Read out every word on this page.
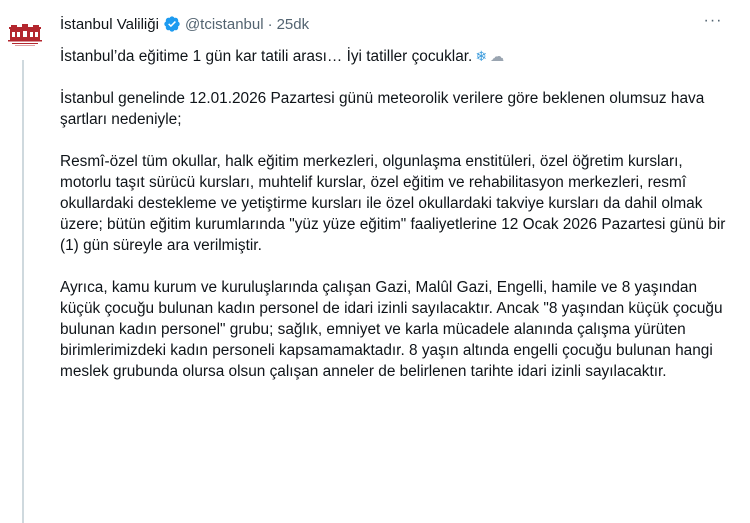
İstanbul Valiliği @tcistanbul · 25dk	···

İstanbul’da eğitime 1 gün kar tatili arası… İyi tatiller çocuklar. ❄ ☁

İstanbul genelinde 12.01.2026 Pazartesi günü meteorolik verilere göre beklenen olumsuz hava şartları nedeniyle;

Resmî-özel tüm okullar, halk eğitim merkezleri, olgunlaşma enstitüleri, özel öğretim kursları, motorlu taşıt sürücü kursları, muhtelif kurslar, özel eğitim ve rehabilitasyon merkezleri, resmî okullardaki destekleme ve yetiştirme kursları ile özel okullardaki takviye kursları da dahil olmak üzere; bütün eğitim kurumlarında "yüz yüze eğitim" faaliyetlerine 12 Ocak 2026 Pazartesi günü bir (1) gün süreyle ara verilmiştir.

Ayrıca, kamu kurum ve kuruluşlarında çalışan Gazi, Malûl Gazi, Engelli, hamile ve 8 yaşından küçük çocuğu bulunan kadın personel de idari izinli sayılacaktır. Ancak "8 yaşından küçük çocuğu bulunan kadın personel" grubu; sağlık, emniyet ve karla mücadele alanında çalışma yürüten birimlerimizdeki kadın personeli kapsamamaktadır. 8 yaşın altında engelli çocuğu bulunan hangi meslek grubunda olursa olsun çalışan anneler de belirlenen tarihte idari izinli sayılacaktır.
